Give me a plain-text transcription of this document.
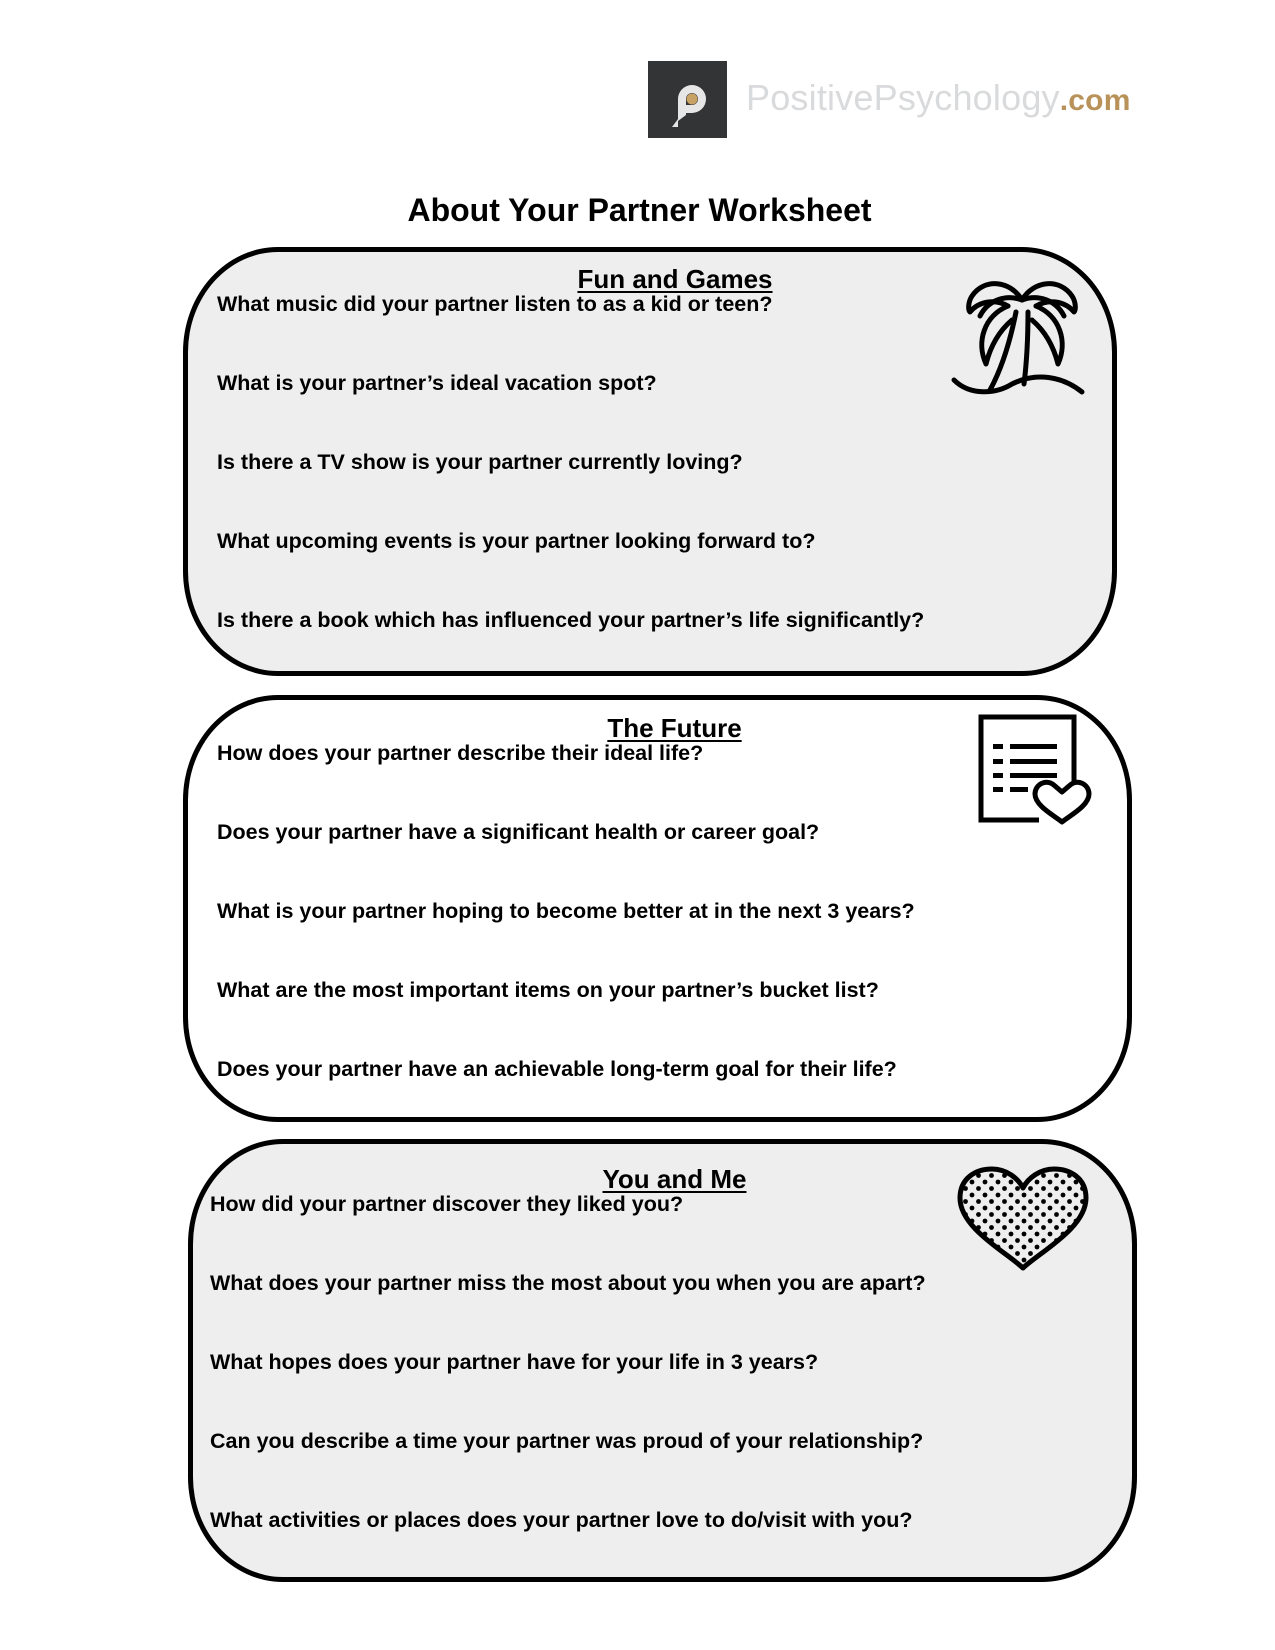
PositivePsychology.com
About Your Partner Worksheet
Fun and Games
What music did your partner listen to as a kid or teen?
What is your partner’s ideal vacation spot?
Is there a TV show is your partner currently loving?
What upcoming events is your partner looking forward to?
Is there a book which has influenced your partner’s life significantly?
The Future
How does your partner describe their ideal life?
Does your partner have a significant health or career goal?
What is your partner hoping to become better at in the next 3 years?
What are the most important items on your partner’s bucket list?
Does your partner have an achievable long-term goal for their life?
You and Me
How did your partner discover they liked you?
What does your partner miss the most about you when you are apart?
What hopes does your partner have for your life in 3 years?
Can you describe a time your partner was proud of your relationship?
What activities or places does your partner love to do/visit with you?
